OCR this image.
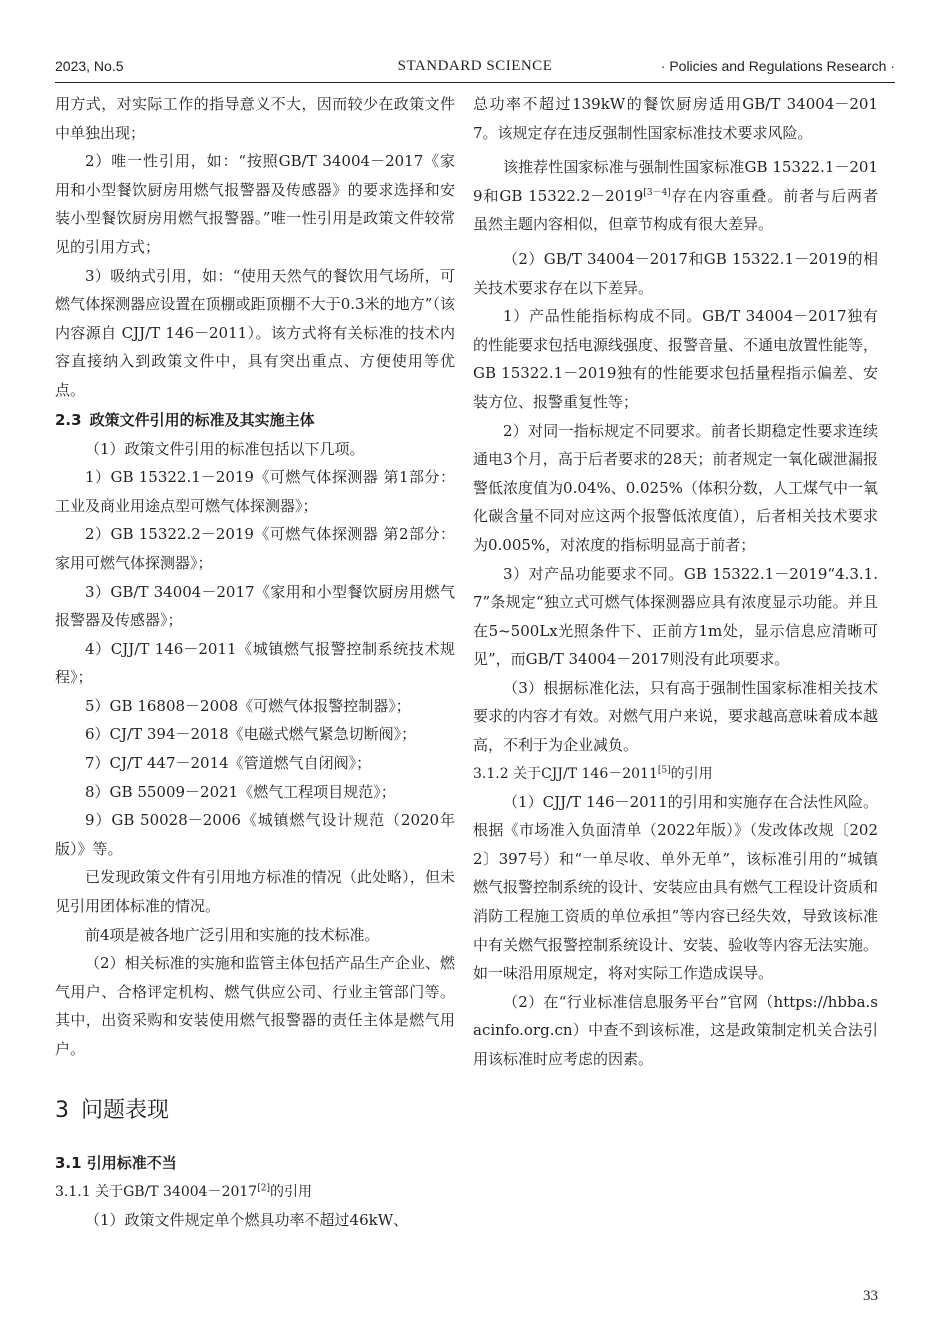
2023, No.5	STANDARD SCIENCE	· Policies and Regulations Research ·

用方式，对实际工作的指导意义不大，因而较少在政策文件中单独出现；

2）唯一性引用，如：“按照GB/T 34004－2017《家用和小型餐饮厨房用燃气报警器及传感器》的要求选择和安装小型餐饮厨房用燃气报警器。”唯一性引用是政策文件较常见的引用方式；

3）吸纳式引用，如：“使用天然气的餐饮用气场所，可燃气体探测器应设置在顶棚或距顶棚不大于0.3米的地方”（该内容源自 CJJ/T 146－2011）。该方式将有关标准的技术内容直接纳入到政策文件中，具有突出重点、方便使用等优点。

2.3 政策文件引用的标准及其实施主体

（1）政策文件引用的标准包括以下几项。

1）GB 15322.1－2019《可燃气体探测器 第1部分：工业及商业用途点型可燃气体探测器》；

2）GB 15322.2－2019《可燃气体探测器 第2部分：家用可燃气体探测器》；

3）GB/T 34004－2017《家用和小型餐饮厨房用燃气报警器及传感器》；

4）CJJ/T 146－2011《城镇燃气报警控制系统技术规程》；

5）GB 16808－2008《可燃气体报警控制器》；

6）CJ/T 394－2018《电磁式燃气紧急切断阀》；

7）CJ/T 447－2014《管道燃气自闭阀》；

8）GB 55009－2021《燃气工程项目规范》；

9）GB 50028－2006《城镇燃气设计规范（2020年版）》等。

已发现政策文件有引用地方标准的情况（此处略），但未见引用团体标准的情况。

前4项是被各地广泛引用和实施的技术标准。

（2）相关标准的实施和监管主体包括产品生产企业、燃气用户、合格评定机构、燃气供应公司、行业主管部门等。其中，出资采购和安装使用燃气报警器的责任主体是燃气用户。

3 问题表现

3.1 引用标准不当

3.1.1 关于GB/T 34004－2017[2]的引用

（1）政策文件规定单个燃具功率不超过46kW、

总功率不超过139kW的餐饮厨房适用GB/T 34004－2017。该规定存在违反强制性国家标准技术要求风险。

该推荐性国家标准与强制性国家标准GB 15322.1－2019和GB 15322.2－2019[3－4]存在内容重叠。前者与后两者虽然主题内容相似，但章节构成有很大差异。

（2）GB/T 34004－2017和GB 15322.1－2019的相关技术要求存在以下差异。

1）产品性能指标构成不同。GB/T 34004－2017独有的性能要求包括电源线强度、报警音量、不通电放置性能等，GB 15322.1－2019独有的性能要求包括量程指示偏差、安装方位、报警重复性等；

2）对同一指标规定不同要求。前者长期稳定性要求连续通电3个月，高于后者要求的28天；前者规定一氧化碳泄漏报警低浓度值为0.04%、0.025%（体积分数，人工煤气中一氧化碳含量不同对应这两个报警低浓度值），后者相关技术要求为0.005%，对浓度的指标明显高于前者；

3）对产品功能要求不同。GB 15322.1－2019“4.3.1.7”条规定“独立式可燃气体探测器应具有浓度显示功能。并且在5~500Lx光照条件下、正前方1m处，显示信息应清晰可见”，而GB/T 34004－2017则没有此项要求。

（3）根据标准化法，只有高于强制性国家标准相关技术要求的内容才有效。对燃气用户来说，要求越高意味着成本越高，不利于为企业减负。

3.1.2 关于CJJ/T 146－2011[5]的引用

（1）CJJ/T 146－2011的引用和实施存在合法性风险。根据《市场准入负面清单（2022年版）》（发改体改规〔2022〕397号）和“一单尽收、单外无单”，该标准引用的“城镇燃气报警控制系统的设计、安装应由具有燃气工程设计资质和消防工程施工资质的单位承担”等内容已经失效，导致该标准中有关燃气报警控制系统设计、安装、验收等内容无法实施。如一味沿用原规定，将对实际工作造成误导。

（2）在“行业标准信息服务平台”官网（https://hbba.sacinfo.org.cn）中查不到该标准，这是政策制定机关合法引用该标准时应考虑的因素。

33
